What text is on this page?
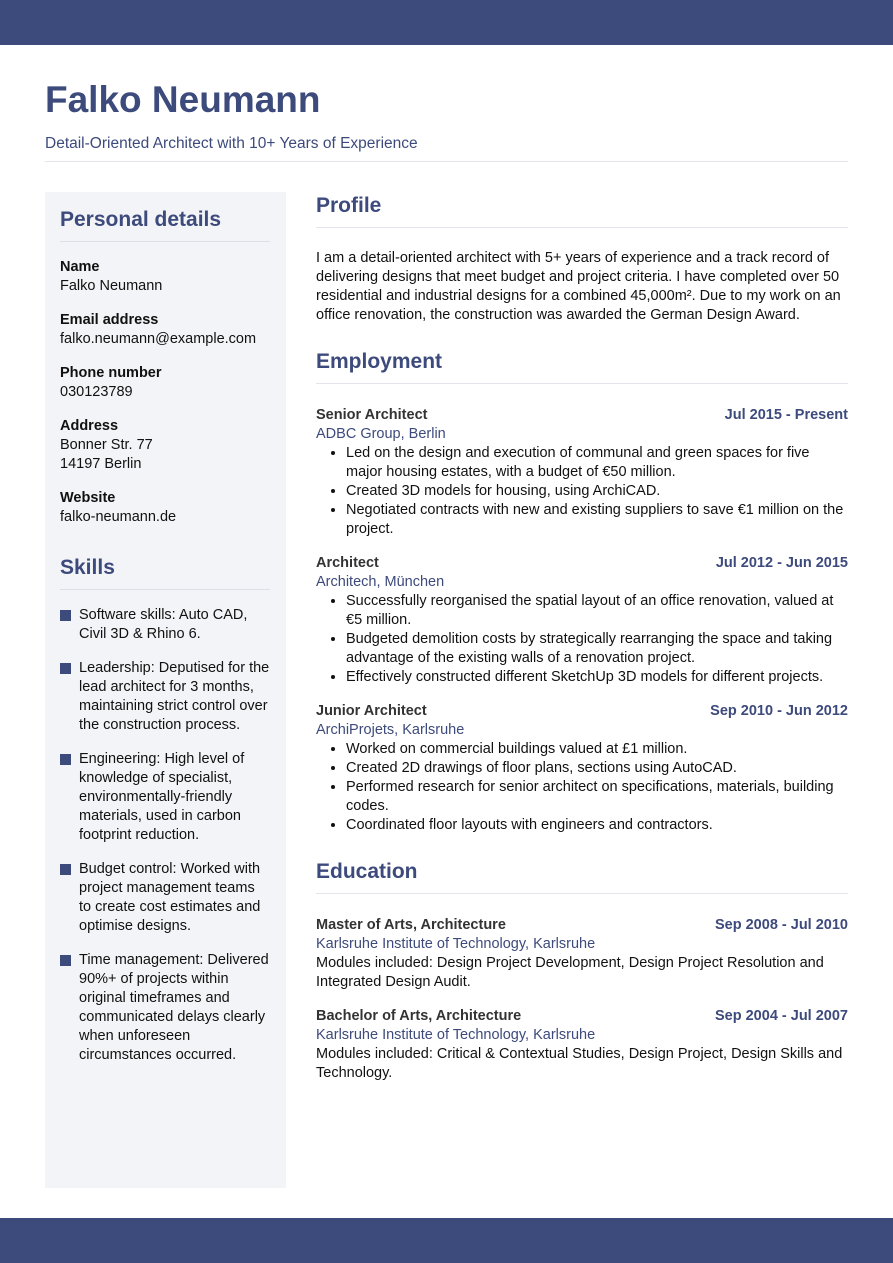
Falko Neumann
Detail-Oriented Architect with 10+ Years of Experience
Personal details
Name
Falko Neumann
Email address
falko.neumann@example.com
Phone number
030123789
Address
Bonner Str. 77
14197 Berlin
Website
falko-neumann.de
Skills
Software skills: Auto CAD, Civil 3D & Rhino 6.
Leadership: Deputised for the lead architect for 3 months, maintaining strict control over the construction process.
Engineering: High level of knowledge of specialist, environmentally-friendly materials, used in carbon footprint reduction.
Budget control: Worked with project management teams to create cost estimates and optimise designs.
Time management: Delivered 90%+ of projects within original timeframes and communicated delays clearly when unforeseen circumstances occurred.
Profile
I am a detail-oriented architect with 5+ years of experience and a track record of delivering designs that meet budget and project criteria. I have completed over 50 residential and industrial designs for a combined 45,000m². Due to my work on an office renovation, the construction was awarded the German Design Award.
Employment
Senior Architect	Jul 2015 - Present
ADBC Group, Berlin
• Led on the design and execution of communal and green spaces for five major housing estates, with a budget of €50 million.
• Created 3D models for housing, using ArchiCAD.
• Negotiated contracts with new and existing suppliers to save €1 million on the project.
Architect	Jul 2012 - Jun 2015
Architech, München
• Successfully reorganised the spatial layout of an office renovation, valued at €5 million.
• Budgeted demolition costs by strategically rearranging the space and taking advantage of the existing walls of a renovation project.
• Effectively constructed different SketchUp 3D models for different projects.
Junior Architect	Sep 2010 - Jun 2012
ArchiProjets, Karlsruhe
• Worked on commercial buildings valued at £1 million.
• Created 2D drawings of floor plans, sections using AutoCAD.
• Performed research for senior architect on specifications, materials, building codes.
• Coordinated floor layouts with engineers and contractors.
Education
Master of Arts, Architecture	Sep 2008 - Jul 2010
Karlsruhe Institute of Technology, Karlsruhe
Modules included: Design Project Development, Design Project Resolution and Integrated Design Audit.
Bachelor of Arts, Architecture	Sep 2004 - Jul 2007
Karlsruhe Institute of Technology, Karlsruhe
Modules included: Critical & Contextual Studies, Design Project, Design Skills and Technology.
